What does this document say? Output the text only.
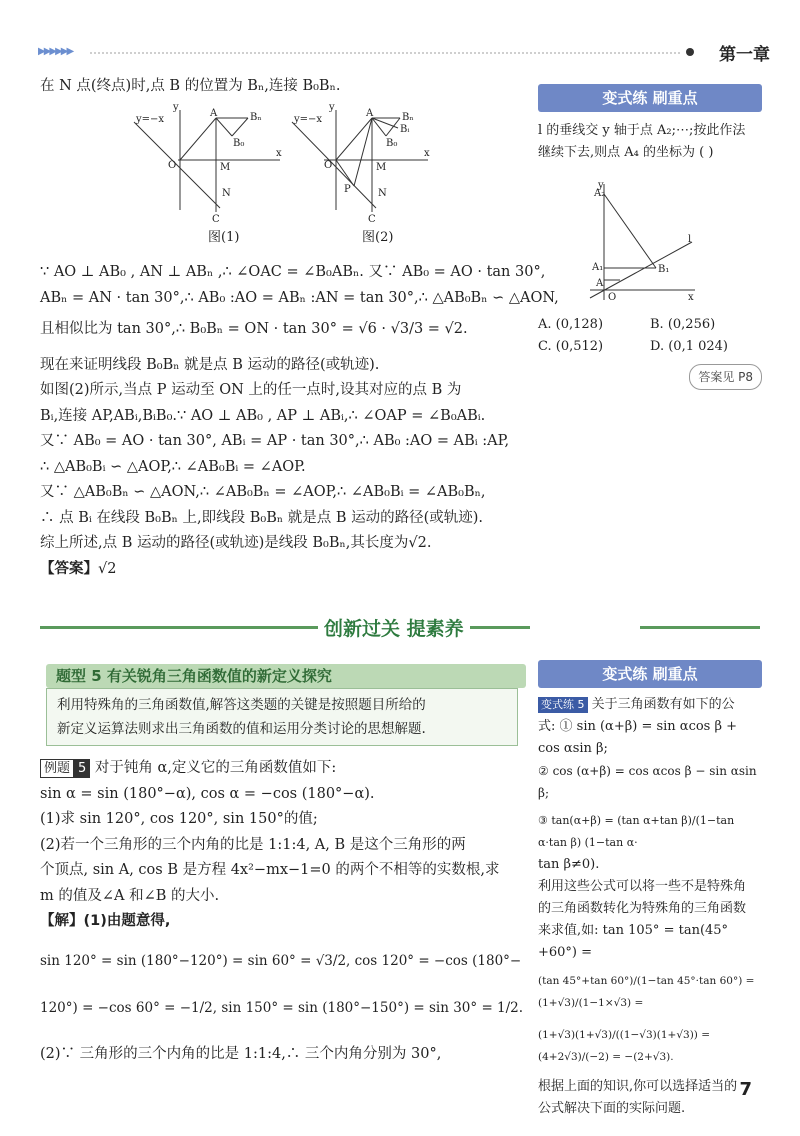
▶▶▶▶▶▶	第一章
在 N 点(终点)时,点 B 的位置为 Bₙ,连接 B₀Bₙ.
y=−x
y
O
x
A	Bₙ
B₀
M
N
C
y=−x
y
O
x
A	Bₙ
Bᵢ
B₀
M
P	N
C
图(1)	图(2)
∵ AO ⊥ AB₀ , AN ⊥ ABₙ ,∴ ∠OAC = ∠B₀ABₙ. 又∵ AB₀ = AO · tan 30°,
ABₙ = AN · tan 30°,∴ AB₀ :AO = ABₙ :AN = tan 30°,∴ △AB₀Bₙ ∽ △AON,
且相似比为 tan 30°,∴ B₀Bₙ = ON · tan 30° = √6 · √3/3 = √2.
现在来证明线段 B₀Bₙ 就是点 B 运动的路径(或轨迹).
如图(2)所示,当点 P 运动至 ON 上的任一点时,设其对应的点 B 为
Bᵢ,连接 AP,ABᵢ,BᵢB₀.∵ AO ⊥ AB₀ , AP ⊥ ABᵢ,∴ ∠OAP = ∠B₀ABᵢ.
又∵ AB₀ = AO · tan 30°, ABᵢ = AP · tan 30°,∴ AB₀ :AO = ABᵢ :AP,
∴ △AB₀Bᵢ ∽ △AOP,∴ ∠AB₀Bᵢ = ∠AOP.
又∵ △AB₀Bₙ ∽ △AON,∴ ∠AB₀Bₙ = ∠AOP,∴ ∠AB₀Bᵢ = ∠AB₀Bₙ,
∴ 点 Bᵢ 在线段 B₀Bₙ 上,即线段 B₀Bₙ 就是点 B 运动的路径(或轨迹).
综上所述,点 B 运动的路径(或轨迹)是线段 B₀Bₙ,其长度为√2.
【答案】√2
变式练 刷重点
l 的垂线交 y 轴于点 A₂;⋯;按此作法
继续下去,则点 A₄ 的坐标为 ( )
A₂
A₁
A
B₁
l
O	x
y
A. (0,128)	B. (0,256)
C. (0,512)	D. (0,1 024)
答案见 P8
创新过关 提素养
题型 5 有关锐角三角函数值的新定义探究
利用特殊角的三角函数值,解答这类题的关键是按照题目所给的
新定义运算法则求出三角函数的值和运用分类讨论的思想解题.
例题 5 对于钝角 α,定义它的三角函数值如下:
sin α = sin (180°−α), cos α = −cos (180°−α).
(1)求 sin 120°, cos 120°, sin 150°的值;
(2)若一个三角形的三个内角的比是 1:1:4, A, B 是这个三角形的两
个顶点, sin A, cos B 是方程 4x²−mx−1=0 的两个不相等的实数根,求
m 的值及∠A 和∠B 的大小.
【解】(1)由题意得,
sin 120° = sin (180°−120°) = sin 60° = √3/2, cos 120° = −cos (180°−
120°) = −cos 60° = −1/2, sin 150° = sin (180°−150°) = sin 30° = 1/2.
(2)∵ 三角形的三个内角的比是 1:1:4,∴ 三个内角分别为 30°,
变式练 刷重点
变式练 5 关于三角函数有如下的公
式: ① sin (α+β) = sin αcos β +
cos αsin β;
② cos (α+β) = cos αcos β − sin αsin β;
③ tan(α+β) = (tan α+tan β)/(1−tan α·tan β) (1−tan α·
tan β≠0).
利用这些公式可以将一些不是特殊角
的三角函数转化为特殊角的三角函数
来求值,如: tan 105° = tan(45°+60°) =
(tan 45°+tan 60°)/(1−tan 45°·tan 60°) = (1+√3)/(1−1×√3) =
(1+√3)(1+√3)/((1−√3)(1+√3)) = (4+2√3)/(−2) = −(2+√3).
根据上面的知识,你可以选择适当的
公式解决下面的实际问题.
7
